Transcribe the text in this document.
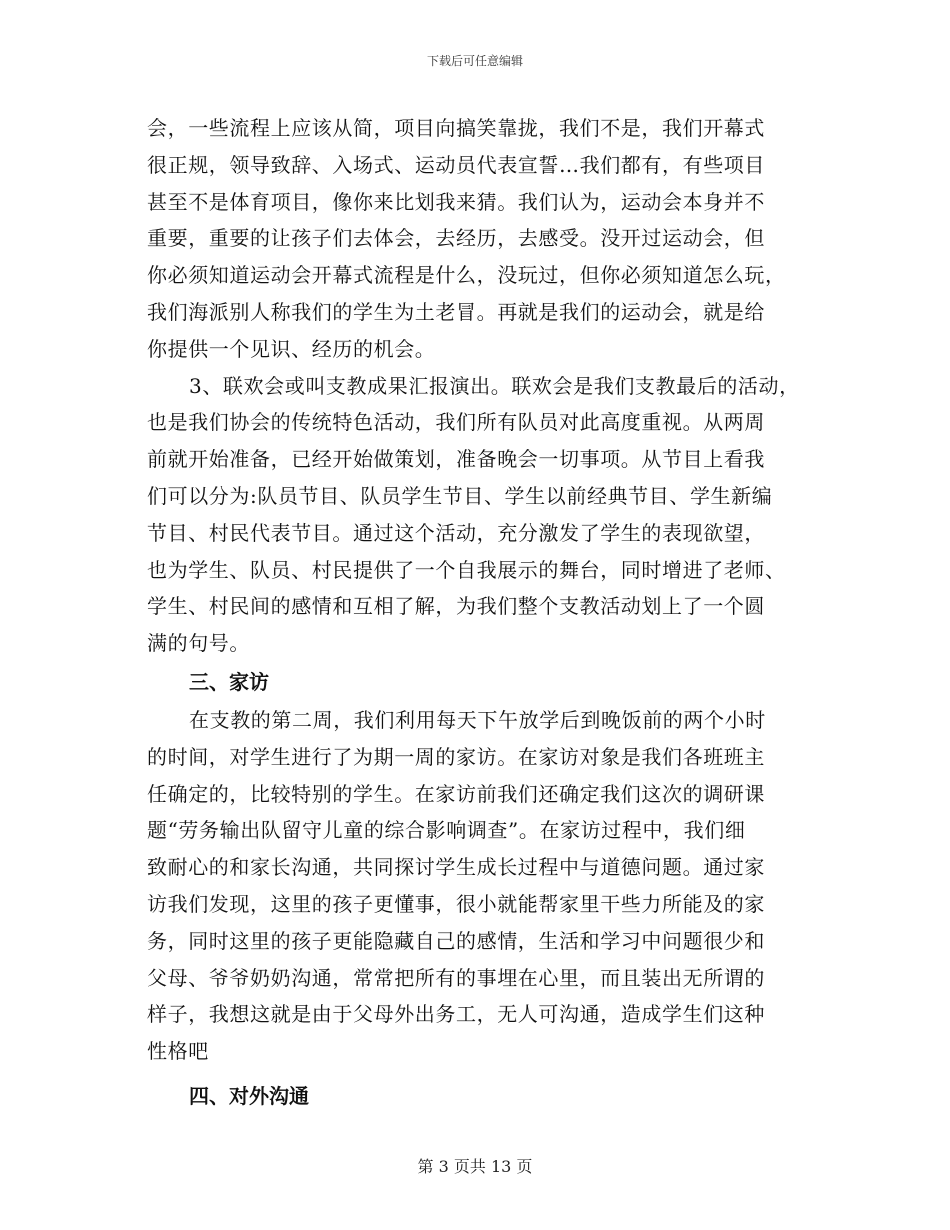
下载后可任意编辑
会，一些流程上应该从简，项目向搞笑靠拢，我们不是，我们开幕式
很正规，领导致辞、入场式、运动员代表宣誓…我们都有，有些项目
甚至不是体育项目，像你来比划我来猜。我们认为，运动会本身并不
重要，重要的让孩子们去体会，去经历，去感受。没开过运动会，但
你必须知道运动会开幕式流程是什么，没玩过，但你必须知道怎么玩，
我们海派别人称我们的学生为土老冒。再就是我们的运动会，就是给
你提供一个见识、经历的机会。
3、联欢会或叫支教成果汇报演出。联欢会是我们支教最后的活动，
也是我们协会的传统特色活动，我们所有队员对此高度重视。从两周
前就开始准备，已经开始做策划，准备晚会一切事项。从节目上看我
们可以分为:队员节目、队员学生节目、学生以前经典节目、学生新编
节目、村民代表节目。通过这个活动，充分激发了学生的表现欲望，
也为学生、队员、村民提供了一个自我展示的舞台，同时增进了老师、
学生、村民间的感情和互相了解，为我们整个支教活动划上了一个圆
满的句号。
三、家访
在支教的第二周，我们利用每天下午放学后到晚饭前的两个小时
的时间，对学生进行了为期一周的家访。在家访对象是我们各班班主
任确定的，比较特别的学生。在家访前我们还确定我们这次的调研课
题“劳务输出队留守儿童的综合影响调查”。在家访过程中，我们细
致耐心的和家长沟通，共同探讨学生成长过程中与道德问题。通过家
访我们发现，这里的孩子更懂事，很小就能帮家里干些力所能及的家
务，同时这里的孩子更能隐藏自己的感情，生活和学习中问题很少和
父母、爷爷奶奶沟通，常常把所有的事埋在心里，而且装出无所谓的
样子，我想这就是由于父母外出务工，无人可沟通，造成学生们这种
性格吧
四、对外沟通
第 3 页共 13 页
